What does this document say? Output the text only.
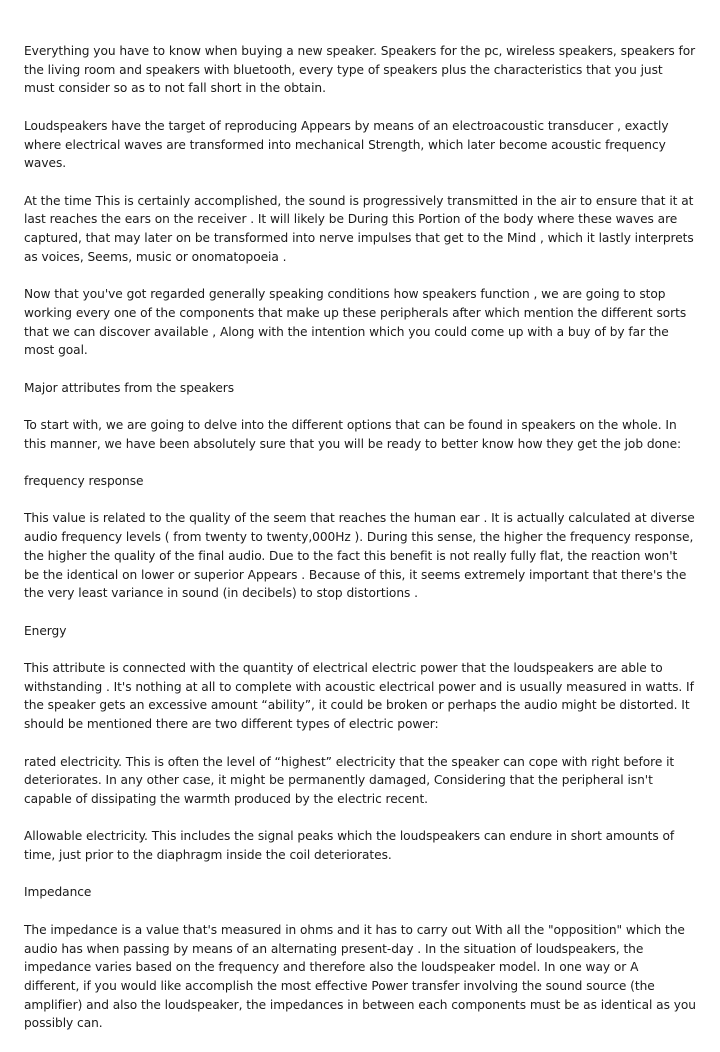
Everything you have to know when buying a new speaker. Speakers for the pc, wireless speakers, speakers for the living room and speakers with bluetooth, every type of speakers plus the characteristics that you just must consider so as to not fall short in the obtain.

Loudspeakers have the target of reproducing Appears by means of an electroacoustic transducer , exactly where electrical waves are transformed into mechanical Strength, which later become acoustic frequency waves.

At the time This is certainly accomplished, the sound is progressively transmitted in the air to ensure that it at last reaches the ears on the receiver . It will likely be During this Portion of the body where these waves are captured, that may later on be transformed into nerve impulses that get to the Mind , which it lastly interprets as voices, Seems, music or onomatopoeia .

Now that you've got regarded generally speaking conditions how speakers function , we are going to stop working every one of the components that make up these peripherals after which mention the different sorts that we can discover available , Along with the intention which you could come up with a buy of by far the most goal.

Major attributes from the speakers

To start with, we are going to delve into the different options that can be found in speakers on the whole. In this manner, we have been absolutely sure that you will be ready to better know how they get the job done:

frequency response

This value is related to the quality of the seem that reaches the human ear . It is actually calculated at diverse audio frequency levels ( from twenty to twenty,000Hz ). During this sense, the higher the frequency response, the higher the quality of the final audio. Due to the fact this benefit is not really fully flat, the reaction won't be the identical on lower or superior Appears . Because of this, it seems extremely important that there's the the very least variance in sound (in decibels) to stop distortions .

Energy

This attribute is connected with the quantity of electrical electric power that the loudspeakers are able to withstanding . It's nothing at all to complete with acoustic electrical power and is usually measured in watts. If the speaker gets an excessive amount “ability”, it could be broken or perhaps the audio might be distorted. It should be mentioned there are two different types of electric power:

rated electricity. This is often the level of “highest” electricity that the speaker can cope with right before it deteriorates. In any other case, it might be permanently damaged, Considering that the peripheral isn't capable of dissipating the warmth produced by the electric recent.

Allowable electricity. This includes the signal peaks which the loudspeakers can endure in short amounts of time, just prior to the diaphragm inside the coil deteriorates.

Impedance

The impedance is a value that's measured in ohms and it has to carry out With all the "opposition" which the audio has when passing by means of an alternating present-day . In the situation of loudspeakers, the impedance varies based on the frequency and therefore also the loudspeaker model. In one way or A different, if you would like accomplish the most effective Power transfer involving the sound source (the amplifier) and also the loudspeaker, the impedances in between each components must be as identical as you possibly can.
